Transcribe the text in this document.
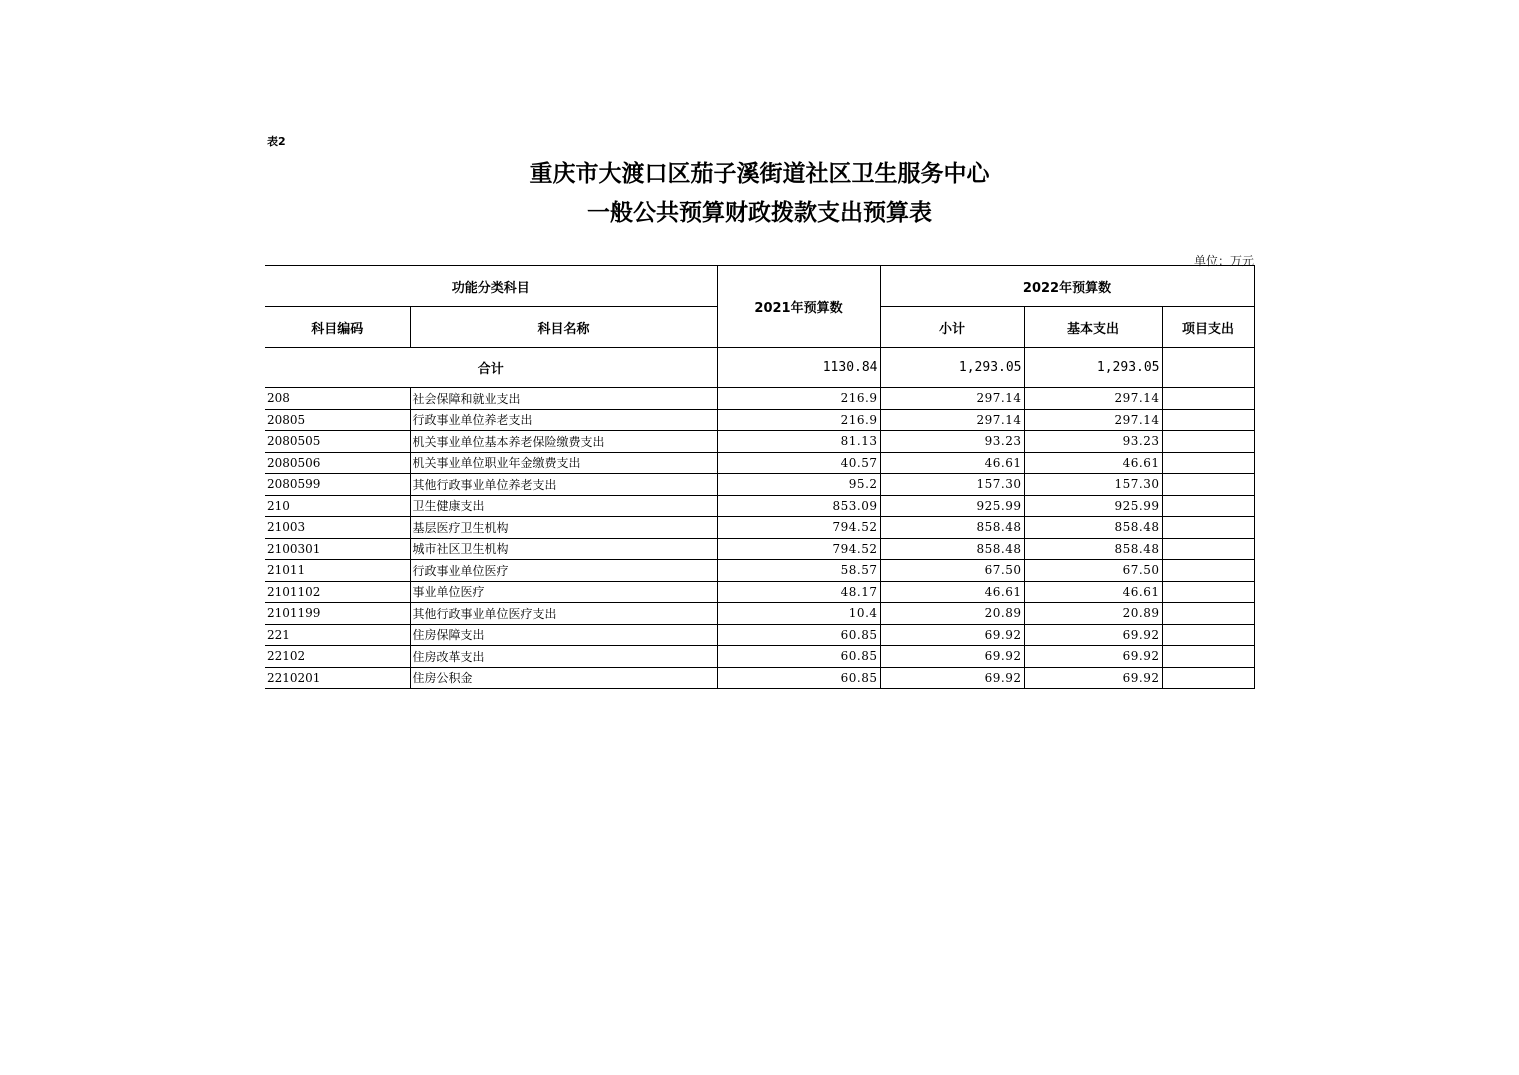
表2
重庆市大渡口区茄子溪街道社区卫生服务中心
一般公共预算财政拨款支出预算表
单位：万元
功能分类科目		2021年预算数	2022年预算数		
科目编码	科目名称		小计	基本支出	项目支出
合计		1130.84	1,293.05	1,293.05	
208	社会保障和就业支出	216.9	297.14	297.14	
20805	行政事业单位养老支出	216.9	297.14	297.14	
2080505	机关事业单位基本养老保险缴费支出	81.13	93.23	93.23	
2080506	机关事业单位职业年金缴费支出	40.57	46.61	46.61	
2080599	其他行政事业单位养老支出	95.2	157.30	157.30	
210	卫生健康支出	853.09	925.99	925.99	
21003	基层医疗卫生机构	794.52	858.48	858.48	
2100301	城市社区卫生机构	794.52	858.48	858.48	
21011	行政事业单位医疗	58.57	67.50	67.50	
2101102	事业单位医疗	48.17	46.61	46.61	
2101199	其他行政事业单位医疗支出	10.4	20.89	20.89	
221	住房保障支出	60.85	69.92	69.92	
22102	住房改革支出	60.85	69.92	69.92	
2210201	住房公积金	60.85	69.92	69.92	
